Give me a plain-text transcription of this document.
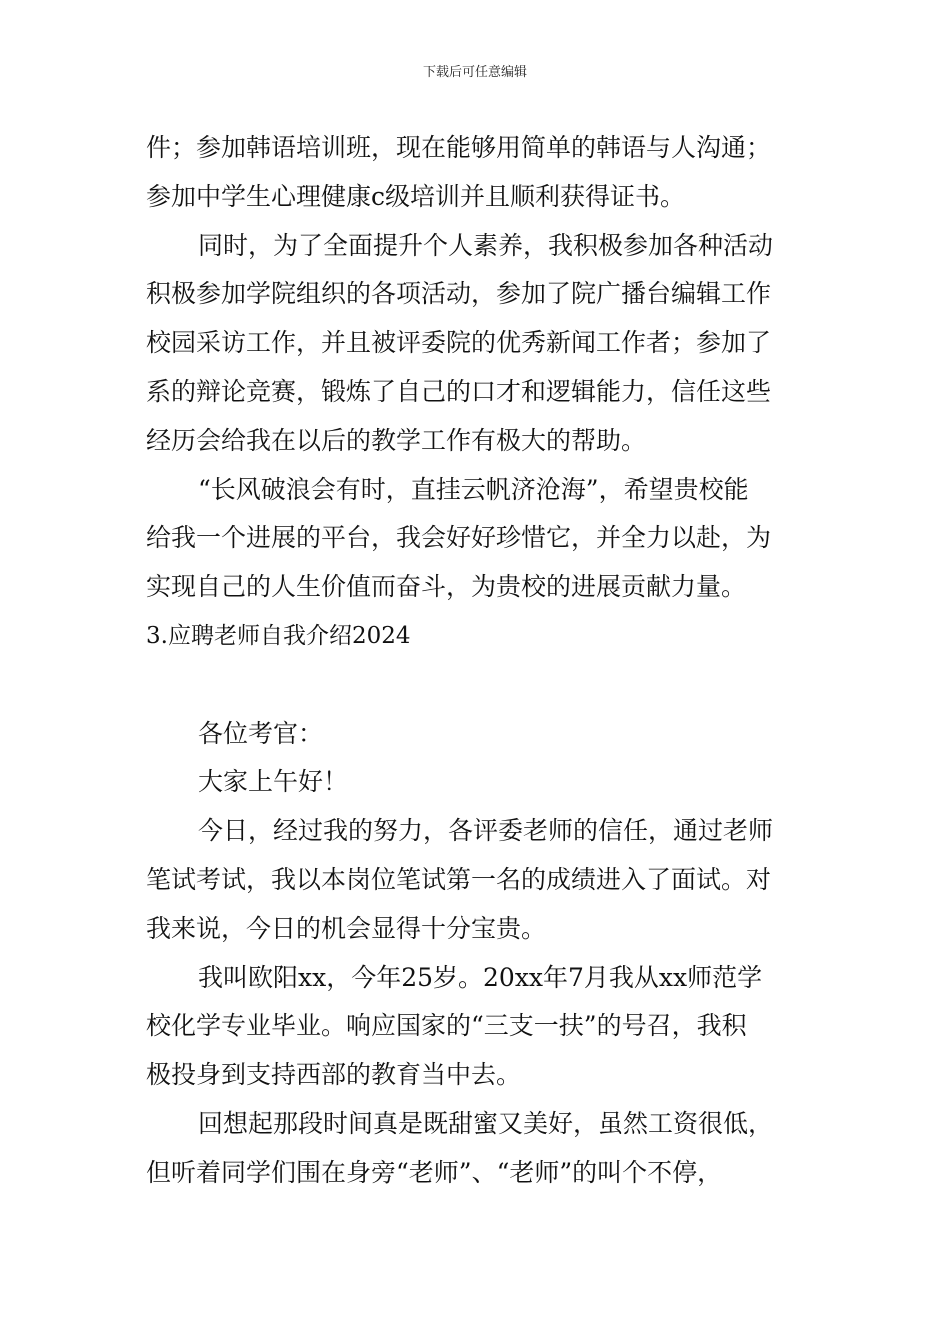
下载后可任意编辑
件；参加韩语培训班，现在能够用简单的韩语与人沟通；
参加中学生心理健康c级培训并且顺利获得证书。
同时，为了全面提升个人素养，我积极参加各种活动
积极参加学院组织的各项活动，参加了院广播台编辑工作
校园采访工作，并且被评委院的优秀新闻工作者；参加了
系的辩论竞赛，锻炼了自己的口才和逻辑能力，信任这些
经历会给我在以后的教学工作有极大的帮助。
“长风破浪会有时，直挂云帆济沧海”，希望贵校能
给我一个进展的平台，我会好好珍惜它，并全力以赴，为
实现自己的人生价值而奋斗，为贵校的进展贡献力量。
3.应聘老师自我介绍2024
各位考官：
大家上午好！
今日，经过我的努力，各评委老师的信任，通过老师
笔试考试，我以本岗位笔试第一名的成绩进入了面试。对
我来说，今日的机会显得十分宝贵。
我叫欧阳xx，今年25岁。20xx年7月我从xx师范学
校化学专业毕业。响应国家的“三支一扶”的号召，我积
极投身到支持西部的教育当中去。
回想起那段时间真是既甜蜜又美好，虽然工资很低，
但听着同学们围在身旁“老师”、“老师”的叫个不停，
